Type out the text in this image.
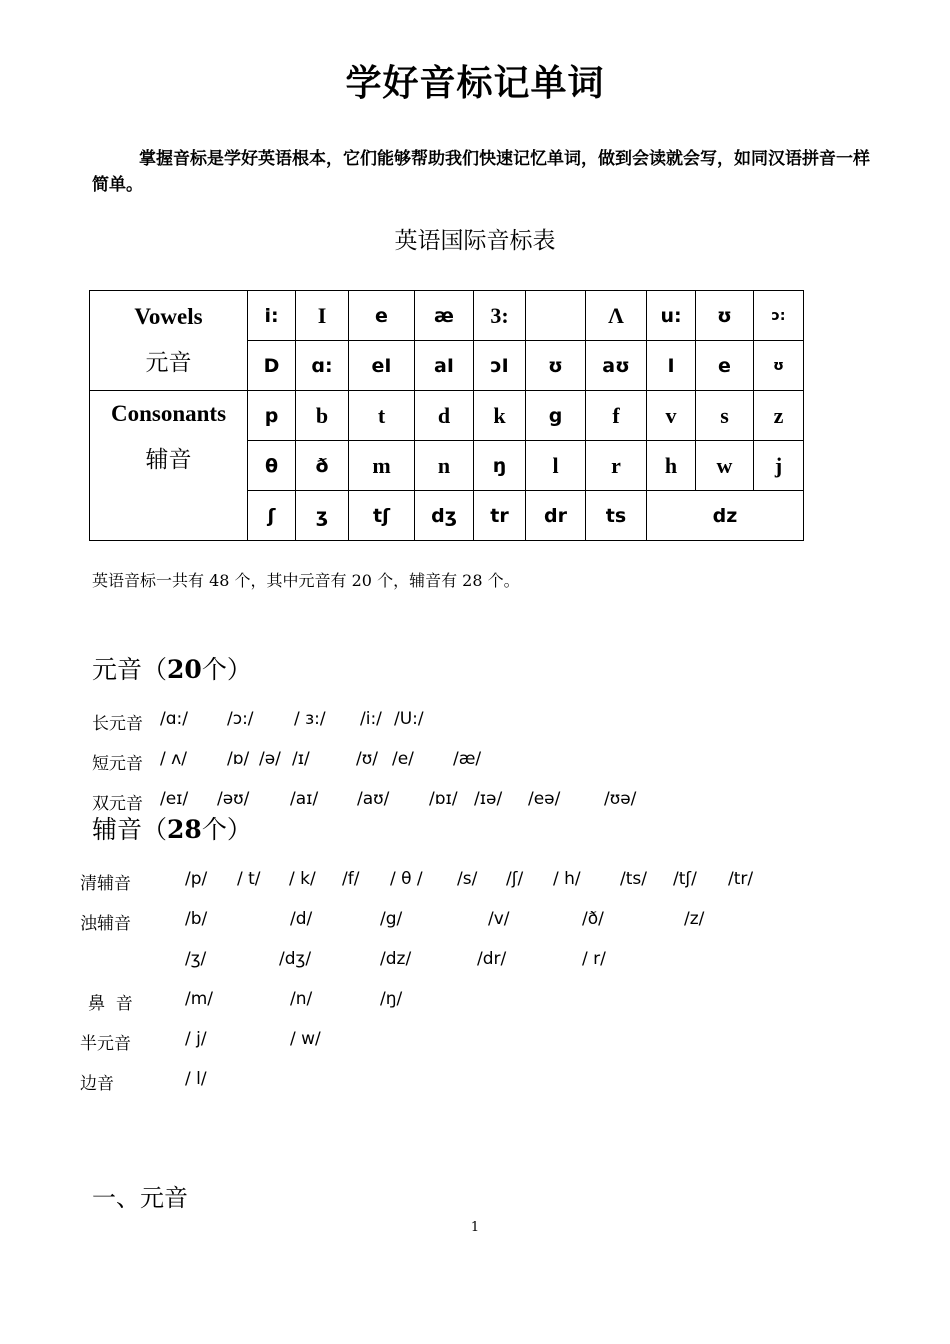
学好音标记单词
掌握音标是学好英语根本，它们能够帮助我们快速记忆单词，做到会读就会写，如同汉语拼音一样简单。
英语国际音标表
Vowels
元音	i:	I	e	æ	3:		Λ	u:	ʊ	ɔ:
	D	ɑ:	eI	aI	ɔI	ʊ	aʊ	I	e	ʊ

Consonants
辅音	p	b	t	d	k	g	f	v	s	z
	θ	ð	m	n	ŋ	l	r	h	w	j
	ʃ	ʒ	tʃ	dʒ	tr	dr	ts	dz		
英语音标一共有 48 个，其中元音有 20 个，辅音有 28 个。
元音（20个）
长元音 /ɑ:/ /ɔ:/ / ɜ:/ /i:/ /U:/
短元音 / ʌ/ /ɒ/ /ə/ /ɪ/	/ʊ/ /e/ /æ/
双元音 /eɪ/ /əʊ/ /aɪ/ /aʊ/ /ɒɪ/ /ɪə/ /eə/	/ʊə/
辅音（28个）
清辅音	/p/ / t/ / k/ /f/ / θ / /s/ /ʃ/ / h/ /ts/ /tʃ/ /tr/
浊辅音	/b/	/d/	/g/	/v/	/ð/	/z/
/ʒ/	/dʒ/	/dz/	/dr/	/ r/
鼻  音	/m/	/n/	/ŋ/
半元音	/ j/	/ w/
边音	/ l/
一、元音
1
